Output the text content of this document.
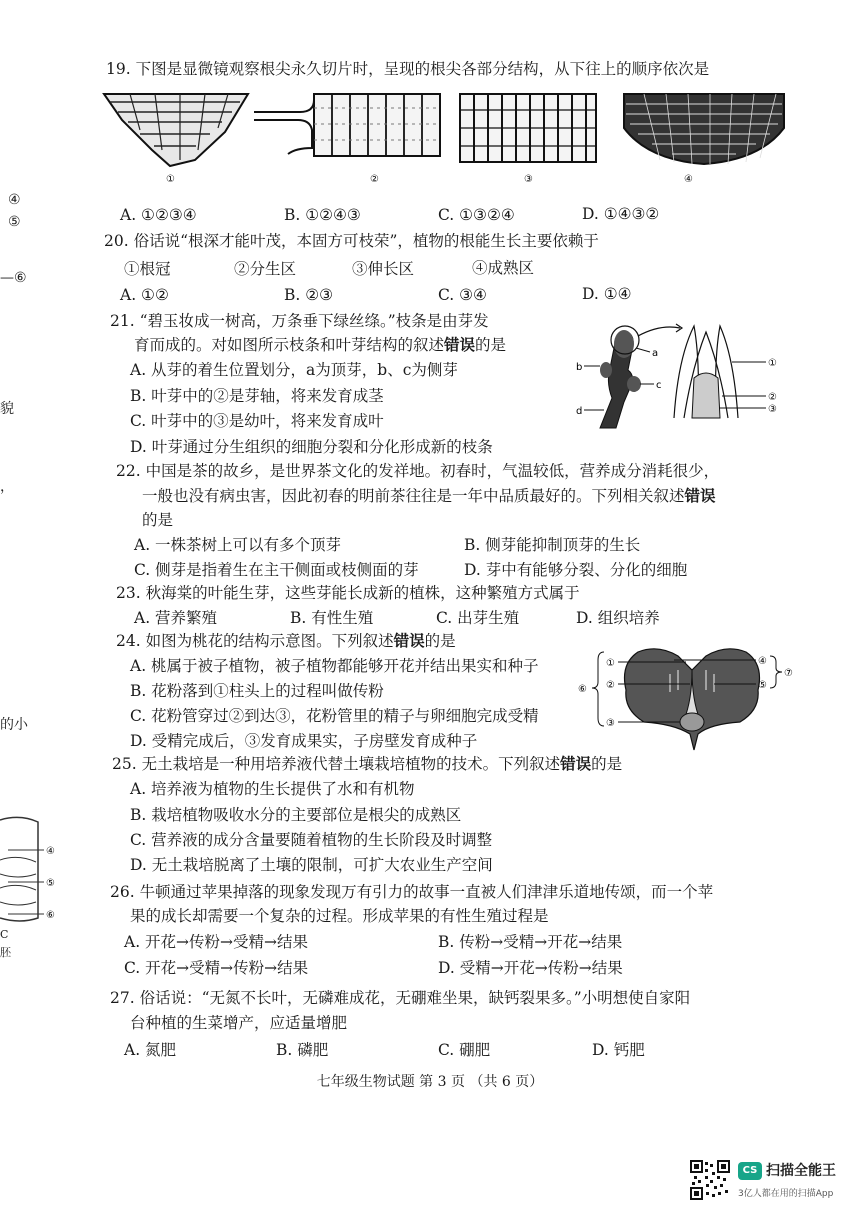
④
⑤
—⑥
貌
，
的小
④
⑤
⑥
C
胚
19. 下图是显微镜观察根尖永久切片时，呈现的根尖各部分结构，从下往上的顺序依次是
①	②	③	④
A. ①②③④	B. ①②④③	C. ①③②④	D. ①④③②
20. 俗话说“根深才能叶茂，本固方可枝荣”，植物的根能生长主要依赖于
①根冠	②分生区	③伸长区	④成熟区
A. ①②	B. ②③	C. ③④	D. ①④
21. “碧玉妆成一树高，万条垂下绿丝绦。”枝条是由芽发
育而成的。对如图所示枝条和叶芽结构的叙述错误的是
A. 从芽的着生位置划分，a为顶芽，b、c为侧芽
B. 叶芽中的②是芽轴，将来发育成茎
C. 叶芽中的③是幼叶，将来发育成叶
D. 叶芽通过分生组织的细胞分裂和分化形成新的枝条
a
b
c
d
①
②
③
22. 中国是茶的故乡，是世界茶文化的发祥地。初春时，气温较低，营养成分消耗很少，
一般也没有病虫害，因此初春的明前茶往往是一年中品质最好的。下列相关叙述错误
的是
A. 一株茶树上可以有多个顶芽	B. 侧芽能抑制顶芽的生长
C. 侧芽是指着生在主干侧面或枝侧面的芽	D. 芽中有能够分裂、分化的细胞
23. 秋海棠的叶能生芽，这些芽能长成新的植株，这种繁殖方式属于
A. 营养繁殖	B. 有性生殖	C. 出芽生殖	D. 组织培养
24. 如图为桃花的结构示意图。下列叙述错误的是
A. 桃属于被子植物，被子植物都能够开花并结出果实和种子
B. 花粉落到①柱头上的过程叫做传粉
C. 花粉管穿过②到达③，花粉管里的精子与卵细胞完成受精
D. 受精完成后，③发育成果实，子房壁发育成种子
①
②
③
④
⑤
⑥
⑦
25. 无土栽培是一种用培养液代替土壤栽培植物的技术。下列叙述错误的是
A. 培养液为植物的生长提供了水和有机物
B. 栽培植物吸收水分的主要部位是根尖的成熟区
C. 营养液的成分含量要随着植物的生长阶段及时调整
D. 无土栽培脱离了土壤的限制，可扩大农业生产空间
26. 牛顿通过苹果掉落的现象发现万有引力的故事一直被人们津津乐道地传颂，而一个苹
果的成长却需要一个复杂的过程。形成苹果的有性生殖过程是
A. 开花→传粉→受精→结果	B. 传粉→受精→开花→结果
C. 开花→受精→传粉→结果	D. 受精→开花→传粉→结果
27. 俗话说：“无氮不长叶，无磷难成花，无硼难坐果，缺钙裂果多。”小明想使自家阳
台种植的生菜增产，应适量增肥
A. 氮肥	B. 磷肥	C. 硼肥	D. 钙肥
七年级生物试题 第 3 页 （共 6 页）
CS 扫描全能王
3亿人都在用的扫描App
